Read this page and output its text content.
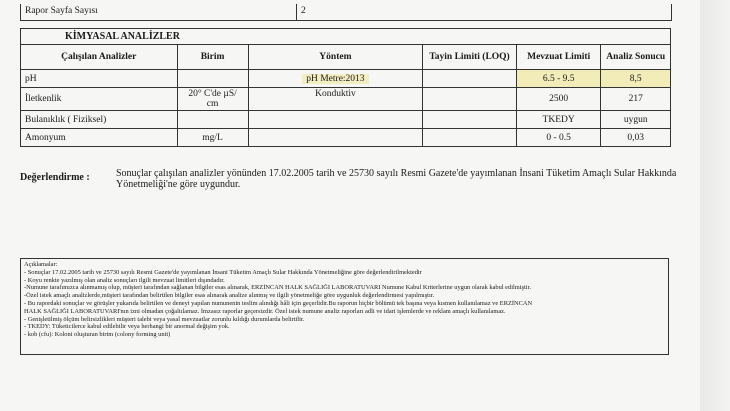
Rapor Sayfa Sayısı	2
KİMYASAL ANALİZLER					
Çalışılan Analizler	Birim	Yöntem	Tayin Limiti (LOQ)	Mevzuat Limiti	Analiz Sonucu
pH		pH Metre:2013		6.5 - 9.5	8,5
İletkenlik	20° C'de µS/ cm	Konduktiv		2500	217
Bulanıklık ( Fiziksel)				TKEDY	uygun
Amonyum	mg/L			0 - 0.5	0,03
Değerlendirme :	Sonuçlar çalışılan analizler yönünden 17.02.2005 tarih ve 25730 sayılı Resmi Gazete'de yayımlanan İnsani Tüketim Amaçlı Sular Hakkında Yönetmeliği'ne göre uygundur.
Açıklamalar:
- Sonuçlar 17.02.2005 tarih ve 25730 sayılı Resmi Gazete'de yayımlanan İnsani Tüketim Amaçlı Sular Hakkında Yönetmeliğine göre değerlendirilmektedir
- Koyu renkte yazılmış olan analiz sonuçları ilgili mevzuat limitleri dışındadır.
-Numune tarafımızca alınmamış olup, müşteri tarafından sağlanan bilgiler esas alınarak, ERZİNCAN HALK SAĞLIĞI LABORATUVARI Numune Kabul Kriterlerine uygun olarak kabul edilmiştir.
-Özel istek amaçlı analizlerde,müşteri tarafından belirtilen bilgiler esas alınarak analize alınmış ve ilgili yönetmeliğe göre uygunluk değerlendirmesi yapılmıştır.
- Bu rapordaki sonuçlar ve görüşler yukarıda belirtilen ve deneyi yapılan numunenin teslim alındığı hâli için geçerlidir.Bu raporun hiçbir bölümü tek başına veya kısmen kullanılamaz ve ERZİNCAN
HALK SAĞLIĞI LABORATUVARI'nın izni olmadan çoğaltılamaz. İmzasız raporlar geçersizdir. Özel istek numune analiz raporları adli ve idari işlemlerde ve reklam amaçlı kullanılamaz.
- Genişletilmiş ölçüm belirsizlikleri müşteri talebi veya yasal mevzuatlar zorunlu kıldığı durumlarda belirtilir.
- TKEDY: Tüketicilerce kabul edilebilir veya herhangi bir anormal değişim yok.
- kob (cfu): Koloni oluşturan birim (colony forming unit)
